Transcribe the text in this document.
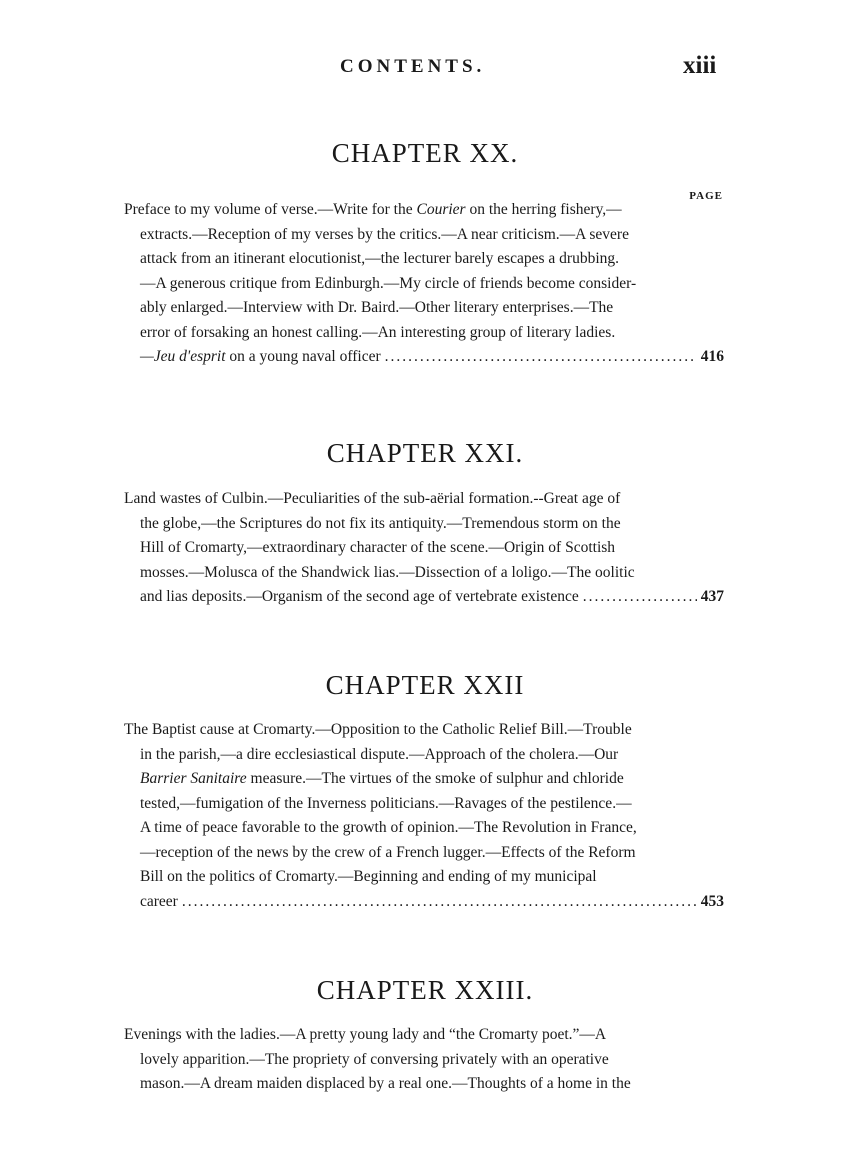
CONTENTS.	xiii
CHAPTER XX.
PAGE
Preface to my volume of verse.—Write for the Courier on the herring fishery,—
extracts.—Reception of my verses by the critics.—A near criticism.—A severe
attack from an itinerant elocutionist,—the lecturer barely escapes a drubbing.
—A generous critique from Edinburgh.—My circle of friends become consider-
ably enlarged.—Interview with Dr. Baird.—Other literary enterprises.—The
error of forsaking an honest calling.—An interesting group of literary ladies.
—Jeu d'esprit on a young naval officer .....	416
CHAPTER XXI.
Land wastes of Culbin.—Peculiarities of the sub-aërial formation.--Great age of
the globe,—the Scriptures do not fix its antiquity.—Tremendous storm on the
Hill of Cromarty,—extraordinary character of the scene.—Origin of Scottish
mosses.—Molusca of the Shandwick lias.—Dissection of a loligo.—The oolitic
and lias deposits.—Organism of the second age of vertebrate existence .....	437
CHAPTER XXII
The Baptist cause at Cromarty.—Opposition to the Catholic Relief Bill.—Trouble
in the parish,—a dire ecclesiastical dispute.—Approach of the cholera.—Our
Barrier Sanitaire measure.—The virtues of the smoke of sulphur and chloride
tested,—fumigation of the Inverness politicians.—Ravages of the pestilence.—
A time of peace favorable to the growth of opinion.—The Revolution in France,
—reception of the news by the crew of a French lugger.—Effects of the Reform
Bill on the politics of Cromarty.—Beginning and ending of my municipal
career .....	453
CHAPTER XXIII.
Evenings with the ladies.—A pretty young lady and “the Cromarty poet.”—A
lovely apparition.—The propriety of conversing privately with an operative
mason.—A dream maiden displaced by a real one.—Thoughts of a home in the
